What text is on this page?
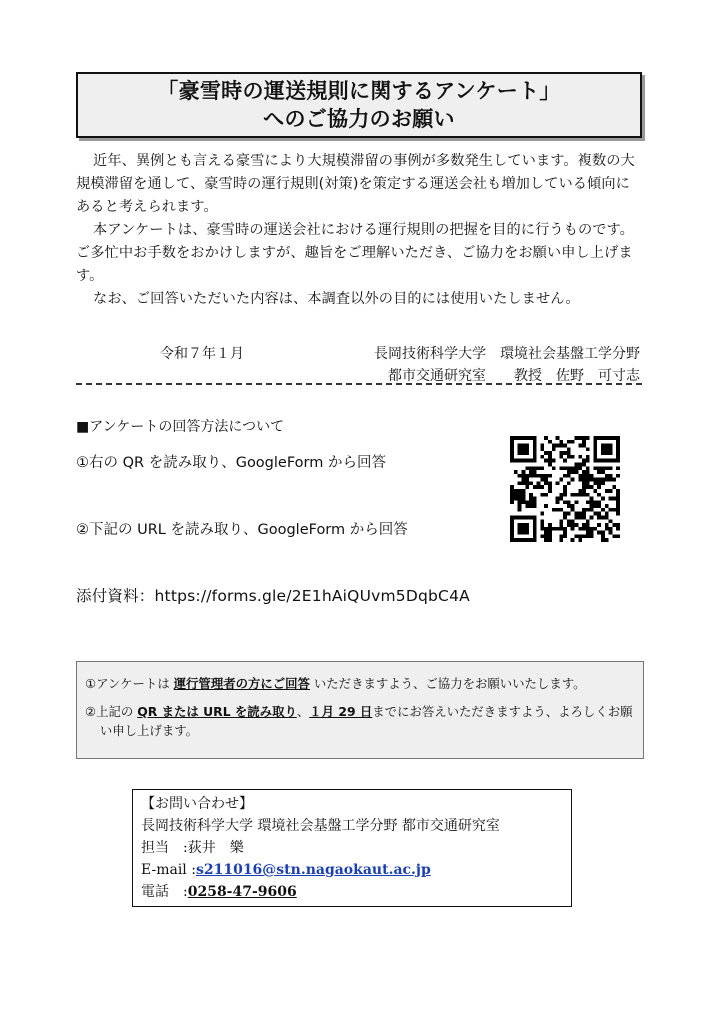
「豪雪時の運送規則に関するアンケート」
へのご協力のお願い

近年、異例とも言える豪雪により大規模滞留の事例が多数発生しています。複数の大規模滞留を通して、豪雪時の運行規則(対策)を策定する運送会社も増加している傾向にあると考えられます。

本アンケートは、豪雪時の運送会社における運行規則の把握を目的に行うものです。ご多忙中お手数をおかけしますが、趣旨をご理解いただき、ご協力をお願い申し上げます。

なお、ご回答いただいた内容は、本調査以外の目的には使用いたしません。

令和７年１月	長岡技術科学大学　環境社会基盤工学分野
都市交通研究室　　教授　佐野　可寸志
■アンケートの回答方法について
①右の QR を読み取り、GoogleForm から回答
②下記の URL を読み取り、GoogleForm から回答
添付資料：https://forms.gle/2E1hAiQUvm5DqbC4A
①アンケートは 運行管理者の方にご回答 いただきますよう、ご協力をお願いいたします。
②上記の QR または URL を読み取り、１月 29 日までにお答えいただきますよう、よろしくお願い申し上げます。
【お問い合わせ】
長岡技術科学大学 環境社会基盤工学分野 都市交通研究室
担当　:荻井　樂
E-mail :s211016@stn.nagaokaut.ac.jp
電話　:0258-47-9606
